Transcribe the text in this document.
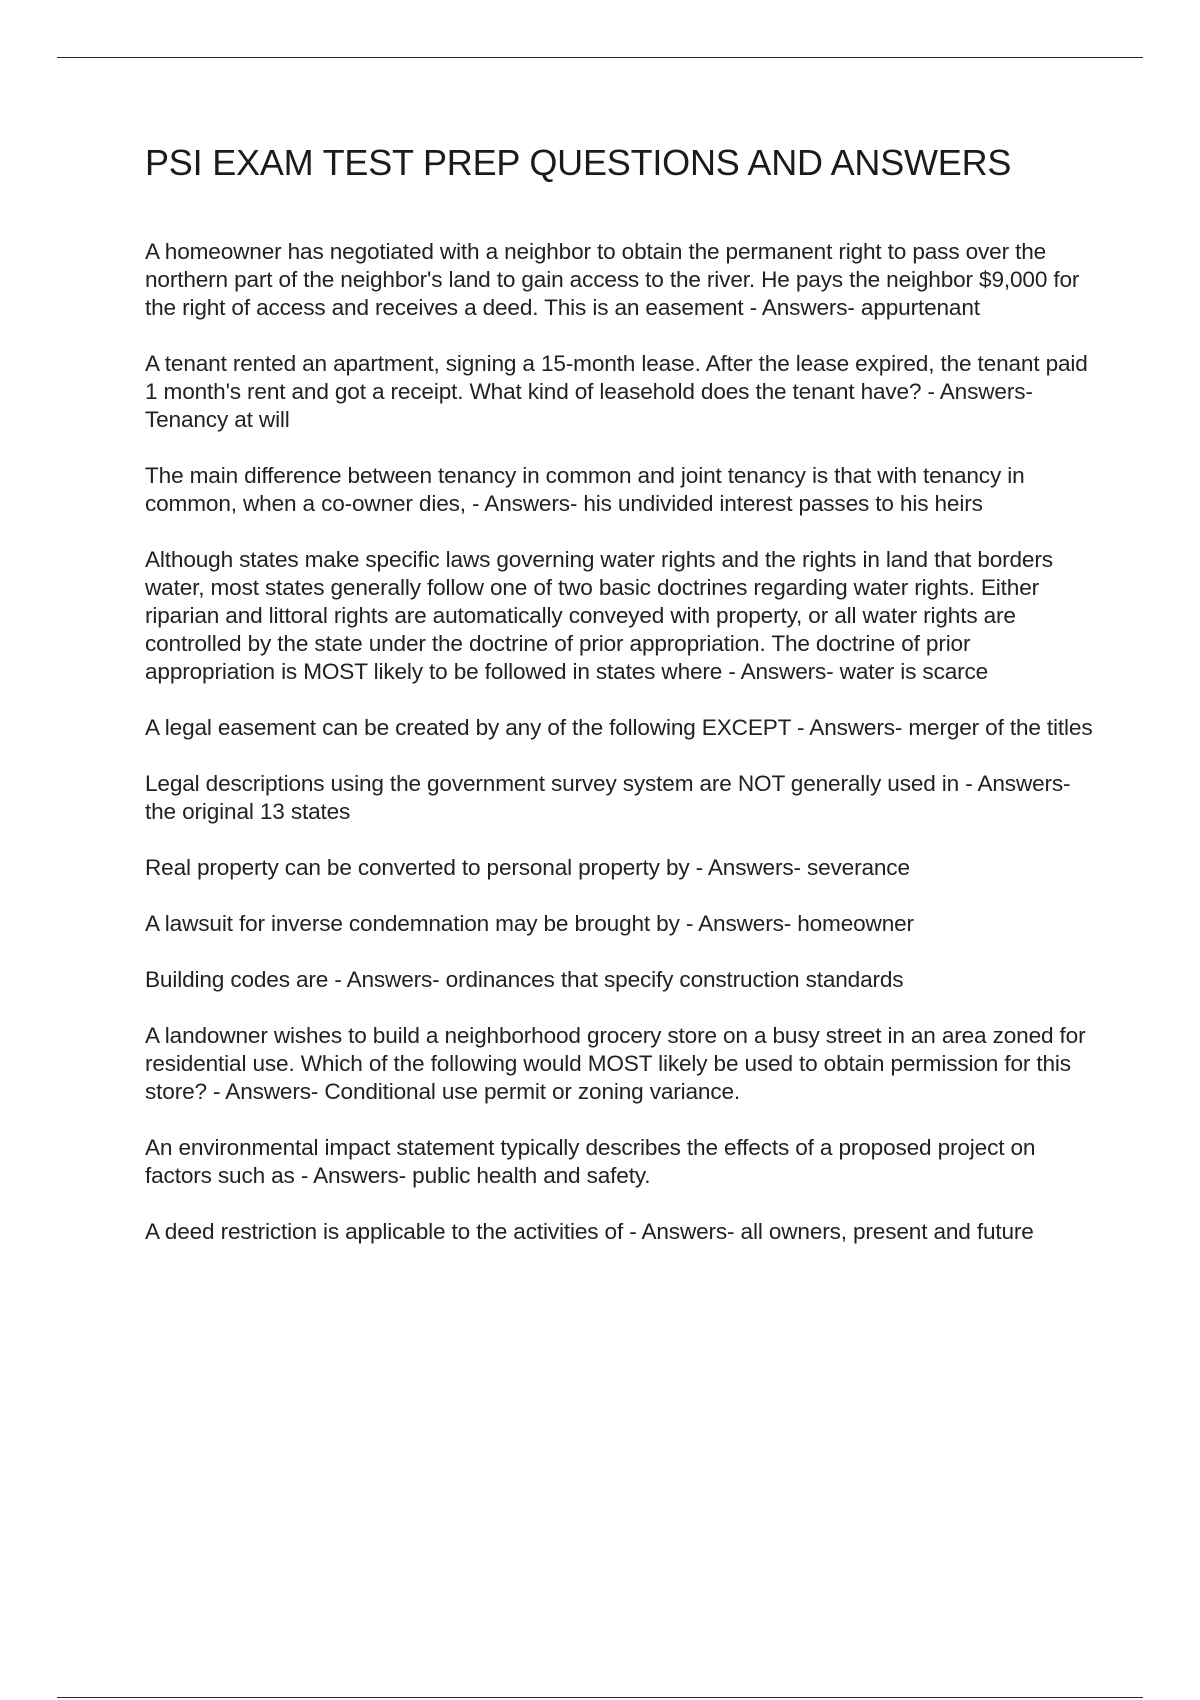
PSI EXAM TEST PREP QUESTIONS AND ANSWERS

A homeowner has negotiated with a neighbor to obtain the permanent right to pass over the northern part of the neighbor's land to gain access to the river. He pays the neighbor $9,000 for the right of access and receives a deed. This is an easement - Answers- appurtenant

A tenant rented an apartment, signing a 15-month lease. After the lease expired, the tenant paid 1 month's rent and got a receipt. What kind of leasehold does the tenant have? - Answers- Tenancy at will

The main difference between tenancy in common and joint tenancy is that with tenancy in common, when a co-owner dies, - Answers- his undivided interest passes to his heirs

Although states make specific laws governing water rights and the rights in land that borders water, most states generally follow one of two basic doctrines regarding water rights. Either riparian and littoral rights are automatically conveyed with property, or all water rights are controlled by the state under the doctrine of prior appropriation. The doctrine of prior appropriation is MOST likely to be followed in states where - Answers- water is scarce

A legal easement can be created by any of the following EXCEPT - Answers- merger of the titles

Legal descriptions using the government survey system are NOT generally used in - Answers- the original 13 states

Real property can be converted to personal property by - Answers- severance

A lawsuit for inverse condemnation may be brought by - Answers- homeowner

Building codes are - Answers- ordinances that specify construction standards

A landowner wishes to build a neighborhood grocery store on a busy street in an area zoned for residential use. Which of the following would MOST likely be used to obtain permission for this store? - Answers- Conditional use permit or zoning variance.

An environmental impact statement typically describes the effects of a proposed project on factors such as - Answers- public health and safety.

A deed restriction is applicable to the activities of - Answers- all owners, present and future
